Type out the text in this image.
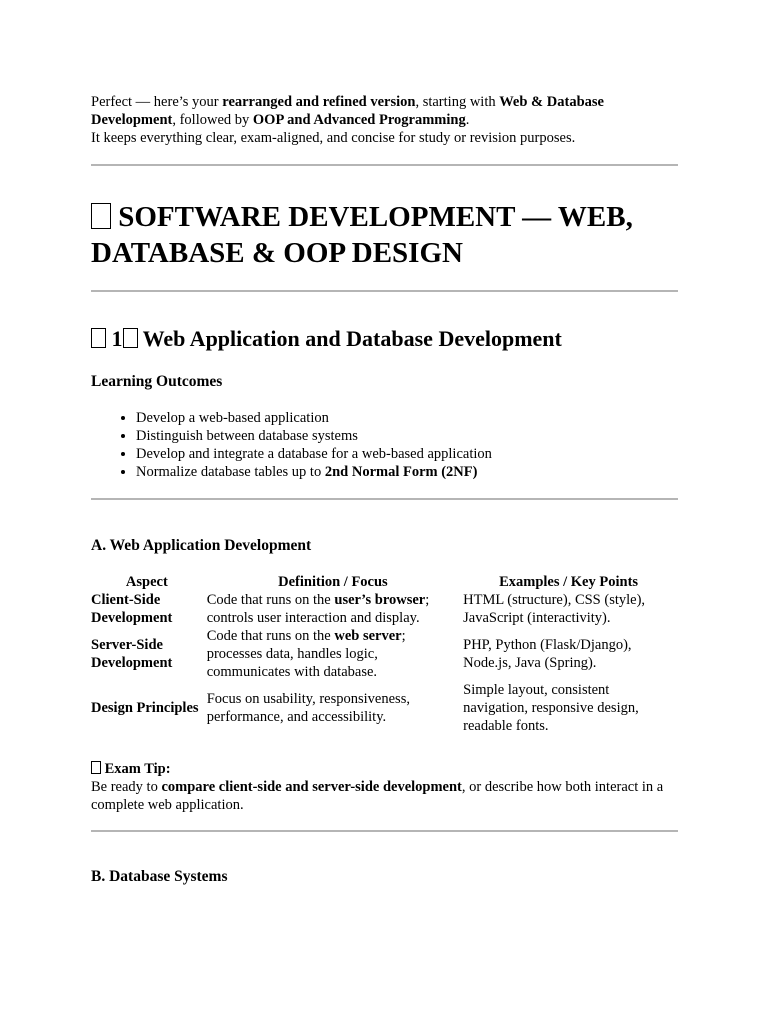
Perfect — here’s your rearranged and refined version, starting with Web & Database Development, followed by OOP and Advanced Programming.
It keeps everything clear, exam-aligned, and concise for study or revision purposes.

SOFTWARE DEVELOPMENT — WEB, DATABASE & OOP DESIGN
1 Web Application and Database Development
Learning Outcomes
• Develop a web-based application
• Distinguish between database systems
• Develop and integrate a database for a web-based application
• Normalize database tables up to 2nd Normal Form (2NF)
A. Web Application Development
Aspect	Definition / Focus	Examples / Key Points
Client-Side Development	Code that runs on the user’s browser; controls user interaction and display.	HTML (structure), CSS (style), JavaScript (interactivity).
Server-Side Development	Code that runs on the web server; processes data, handles logic, communicates with database.	PHP, Python (Flask/Django), Node.js, Java (Spring).
Design Principles	Focus on usability, responsiveness, performance, and accessibility.	Simple layout, consistent navigation, responsive design, readable fonts.

Exam Tip:
Be ready to compare client-side and server-side development, or describe how both interact in a complete web application.

B. Database Systems
